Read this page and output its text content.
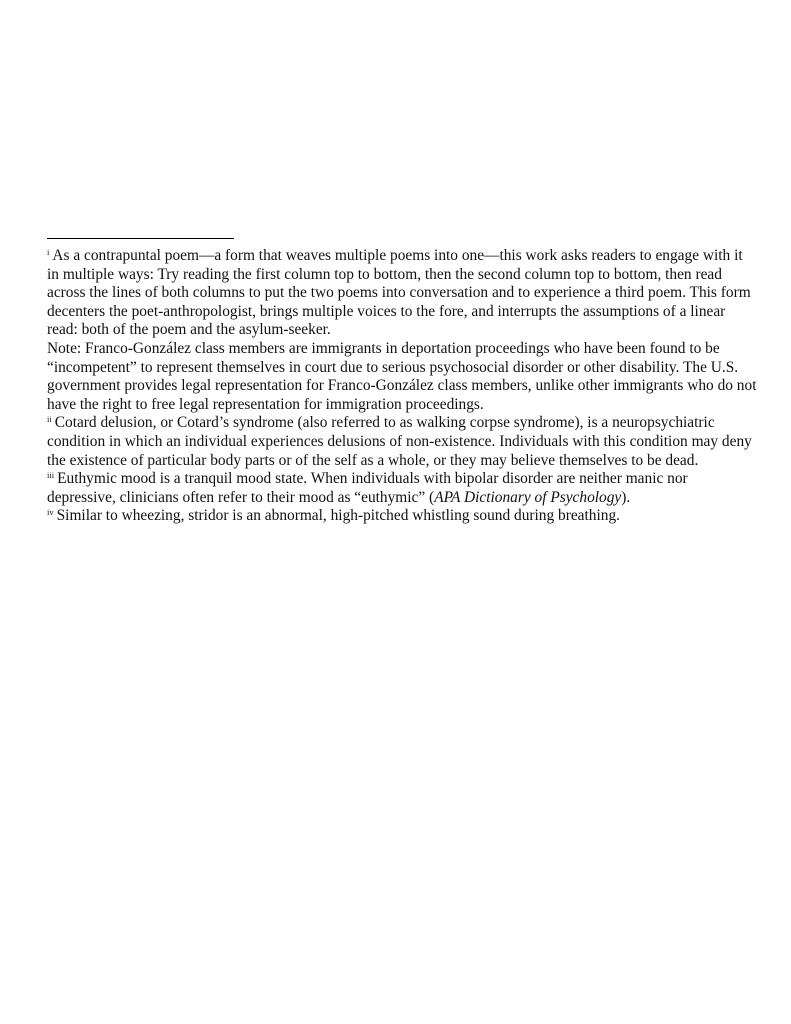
$^i$ As a contrapuntal poem—a form that weaves multiple poems into one—this work asks readers to engage with it in multiple ways: Try reading the first column top to bottom, then the second column top to bottom, then read across the lines of both columns to put the two poems into conversation and to experience a third poem. This form decenters the poet-anthropologist, brings multiple voices to the fore, and interrupts the assumptions of a linear read: both of the poem and the asylum-seeker.

Note: Franco-González class members are immigrants in deportation proceedings who have been found to be “incompetent” to represent themselves in court due to serious psychosocial disorder or other disability. The U.S. government provides legal representation for Franco-González class members, unlike other immigrants who do not have the right to free legal representation for immigration proceedings.

$^{ii}$ Cotard delusion, or Cotard’s syndrome (also referred to as walking corpse syndrome), is a neuropsychiatric condition in which an individual experiences delusions of non-existence. Individuals with this condition may deny the existence of particular body parts or of the self as a whole, or they may believe themselves to be dead.

$^{iii}$ Euthymic mood is a tranquil mood state. When individuals with bipolar disorder are neither manic nor depressive, clinicians often refer to their mood as “euthymic” (APA Dictionary of Psychology).

$^{iv}$ Similar to wheezing, stridor is an abnormal, high-pitched whistling sound during breathing.
